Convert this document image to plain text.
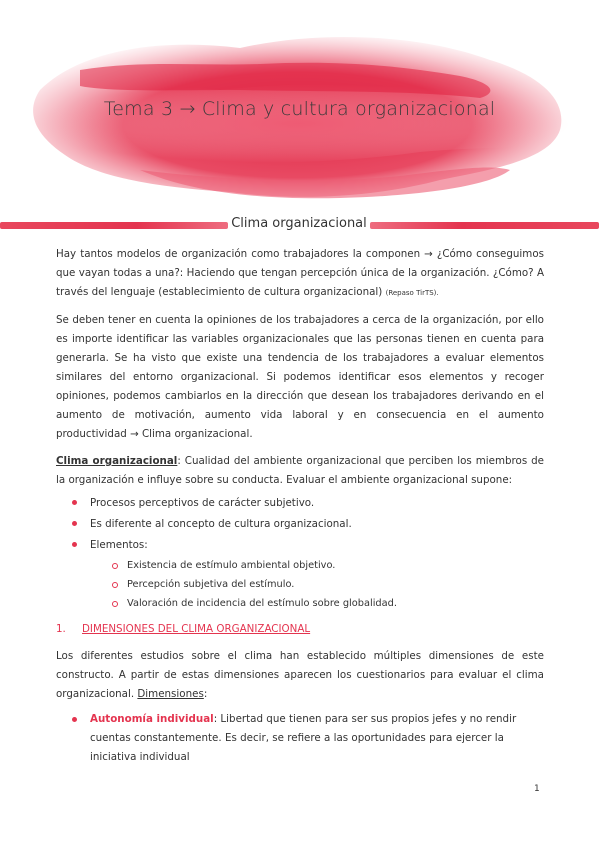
Tema 3 → Clima y cultura organizacional
Clima organizacional

Hay tantos modelos de organización como trabajadores la componen → ¿Cómo conseguimos que vayan todas a una?: Haciendo que tengan percepción única de la organización. ¿Cómo? A través del lenguaje (establecimiento de cultura organizacional) (Repaso TirTS).

Se deben tener en cuenta la opiniones de los trabajadores a cerca de la organización, por ello es importe identificar las variables organizacionales que las personas tienen en cuenta para generarla. Se ha visto que existe una tendencia de los trabajadores a evaluar elementos similares del entorno organizacional. Si podemos identificar esos elementos y recoger opiniones, podemos cambiarlos en la dirección que desean los trabajadores derivando en el aumento de motivación, aumento vida laboral y en consecuencia en el aumento productividad → Clima organizacional.

Clima organizacional: Cualidad del ambiente organizacional que perciben los miembros de la organización e influye sobre su conducta. Evaluar el ambiente organizacional supone:

Procesos perceptivos de carácter subjetivo.
Es diferente al concepto de cultura organizacional.
Elementos:
Existencia de estímulo ambiental objetivo.
Percepción subjetiva del estímulo.
Valoración de incidencia del estímulo sobre globalidad.
1. DIMENSIONES DEL CLIMA ORGANIZACIONAL

Los diferentes estudios sobre el clima han establecido múltiples dimensiones de este constructo. A partir de estas dimensiones aparecen los cuestionarios para evaluar el clima organizacional. Dimensiones:

Autonomía individual: Libertad que tienen para ser sus propios jefes y no rendir cuentas constantemente. Es decir, se refiere a las oportunidades para ejercer la iniciativa individual
1
